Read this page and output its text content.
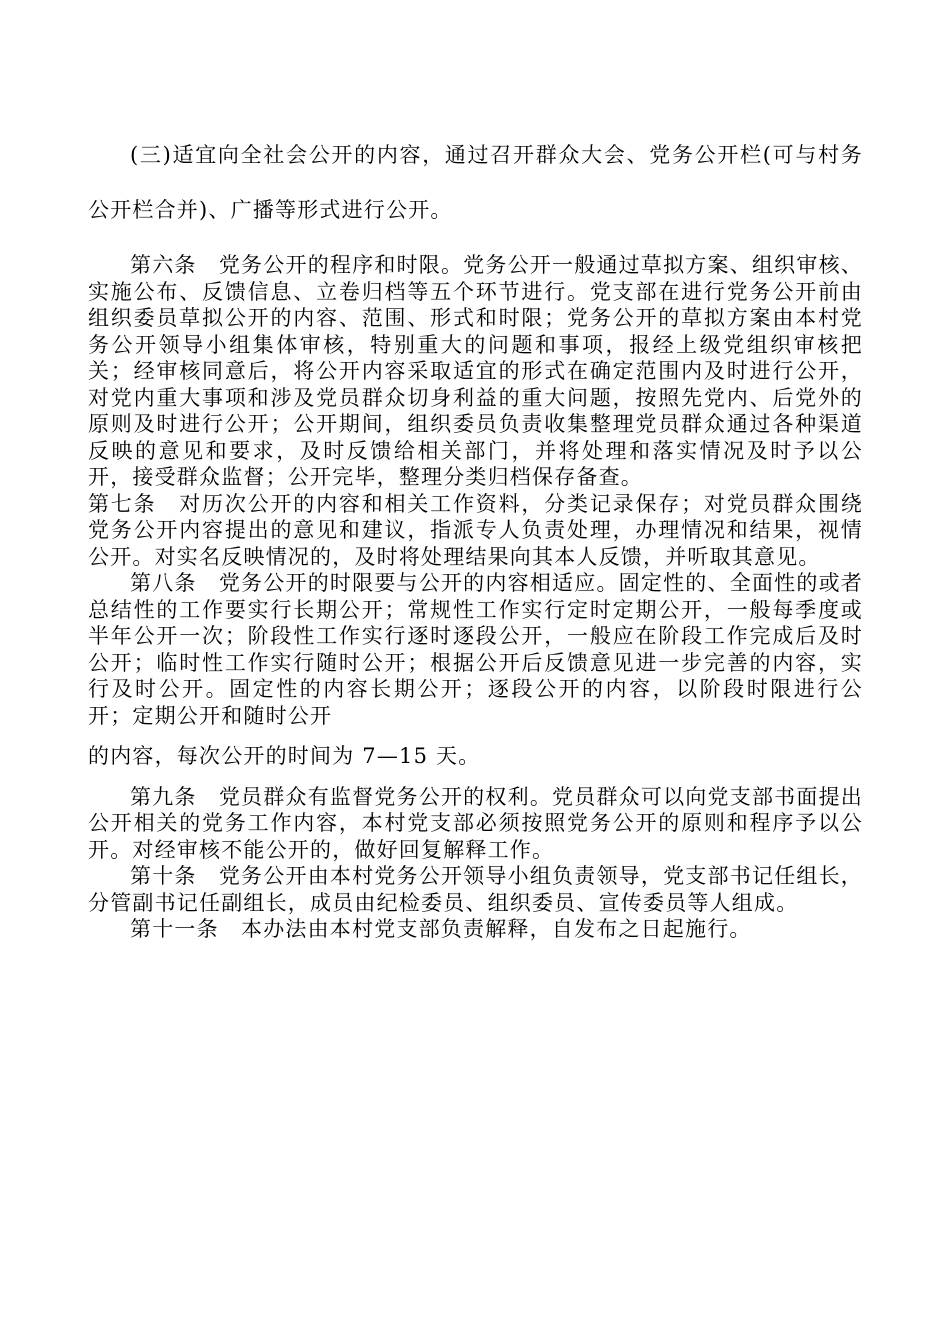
(三)适宜向全社会公开的内容，通过召开群众大会、党务公开栏(可与村务公开栏合并)、广播等形式进行公开。

第六条　党务公开的程序和时限。党务公开一般通过草拟方案、组织审核、实施公布、反馈信息、立卷归档等五个环节进行。党支部在进行党务公开前由组织委员草拟公开的内容、范围、形式和时限；党务公开的草拟方案由本村党务公开领导小组集体审核，特别重大的问题和事项，报经上级党组织审核把关；经审核同意后，将公开内容采取适宜的形式在确定范围内及时进行公开，对党内重大事项和涉及党员群众切身利益的重大问题，按照先党内、后党外的原则及时进行公开；公开期间，组织委员负责收集整理党员群众通过各种渠道反映的意见和要求，及时反馈给相关部门，并将处理和落实情况及时予以公开，接受群众监督；公开完毕，整理分类归档保存备查。

第七条　对历次公开的内容和相关工作资料，分类记录保存；对党员群众围绕党务公开内容提出的意见和建议，指派专人负责处理，办理情况和结果，视情公开。对实名反映情况的，及时将处理结果向其本人反馈，并听取其意见。

第八条　党务公开的时限要与公开的内容相适应。固定性的、全面性的或者总结性的工作要实行长期公开；常规性工作实行定时定期公开，一般每季度或半年公开一次；阶段性工作实行逐时逐段公开，一般应在阶段工作完成后及时公开；临时性工作实行随时公开；根据公开后反馈意见进一步完善的内容，实行及时公开。固定性的内容长期公开；逐段公开的内容，以阶段时限进行公开；定期公开和随时公开

的内容，每次公开的时间为 7—15 天。

第九条　党员群众有监督党务公开的权利。党员群众可以向党支部书面提出公开相关的党务工作内容，本村党支部必须按照党务公开的原则和程序予以公开。对经审核不能公开的，做好回复解释工作。

第十条　党务公开由本村党务公开领导小组负责领导，党支部书记任组长，分管副书记任副组长，成员由纪检委员、组织委员、宣传委员等人组成。

第十一条　本办法由本村党支部负责解释，自发布之日起施行。
